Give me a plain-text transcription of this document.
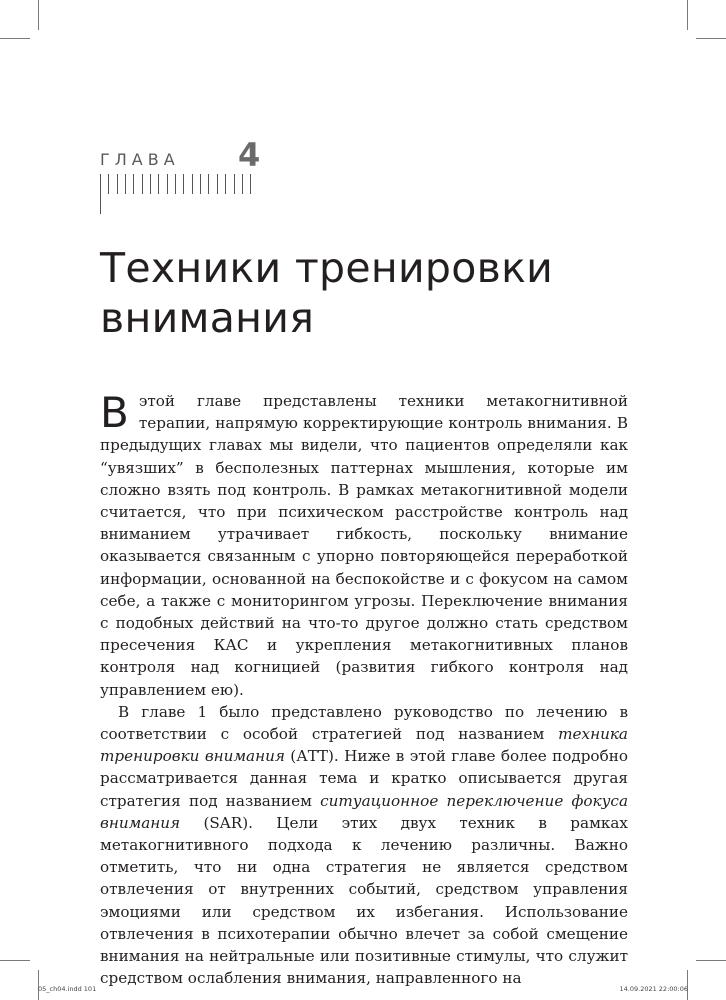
ГЛАВА 4
Техники тренировки
внимания

В этой главе представлены техники метакогнитивной терапии, напрямую корректирующие контроль внимания. В предыдущих главах мы видели, что пациентов определяли как “увязших” в бесполезных паттернах мышления, которые им сложно взять под контроль. В рамках метакогнитивной модели считается, что при психическом расстройстве контроль над вниманием утрачивает гибкость, поскольку внимание оказывается связанным с упорно повторяющейся переработкой информации, основанной на беспокойстве и с фокусом на самом себе, а также с мониторингом угрозы. Переключение внимания с подобных действий на что-то другое должно стать средством пресечения КАС и укрепления метакогнитивных планов контроля над когницией (развития гибкого контроля над управлением ею).

В главе 1 было представлено руководство по лечению в соответствии с особой стратегией под названием техника тренировки внимания (АТТ). Ниже в этой главе более подробно рассматривается данная тема и кратко описывается другая стратегия под названием ситуационное переключение фокуса внимания (SAR). Цели этих двух техник в рамках метакогнитивного подхода к лечению различны. Важно отметить, что ни одна стратегия не является средством отвлечения от внутренних событий, средством управления эмоциями или средством их избегания. Использование отвлечения в психотерапии обычно влечет за собой смещение внимания на нейтральные или позитивные стимулы, что служит средством ослабления внимания, направленного на

05_ch04.indd 101	14.09.2021 22:00:06
